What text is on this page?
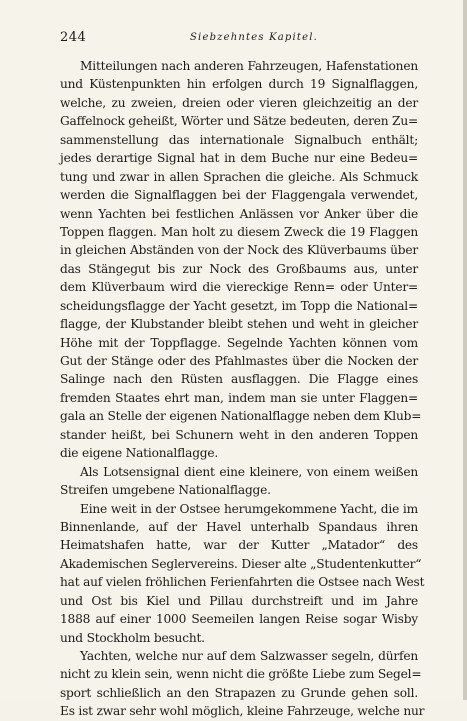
244	Siebzehntes Kapitel.
Mitteilungen nach anderen Fahrzeugen, Hafenstationen
und Küstenpunkten hin erfolgen durch 19 Signalflaggen,
welche, zu zweien, dreien oder vieren gleichzeitig an der
Gaffelnock geheißt, Wörter und Sätze bedeuten, deren Zu=
sammenstellung das internationale Signalbuch enthält;
jedes derartige Signal hat in dem Buche nur eine Bedeu=
tung und zwar in allen Sprachen die gleiche. Als Schmuck
werden die Signalflaggen bei der Flaggengala verwendet,
wenn Yachten bei festlichen Anlässen vor Anker über die
Toppen flaggen. Man holt zu diesem Zweck die 19 Flaggen
in gleichen Abständen von der Nock des Klüverbaums über
das Stängegut bis zur Nock des Großbaums aus, unter
dem Klüverbaum wird die viereckige Renn= oder Unter=
scheidungsflagge der Yacht gesetzt, im Topp die National=
flagge, der Klubstander bleibt stehen und weht in gleicher
Höhe mit der Toppflagge. Segelnde Yachten können vom
Gut der Stänge oder des Pfahlmastes über die Nocken der
Salinge nach den Rüsten ausflaggen. Die Flagge eines
fremden Staates ehrt man, indem man sie unter Flaggen=
gala an Stelle der eigenen Nationalflagge neben dem Klub=
stander heißt, bei Schunern weht in den anderen Toppen
die eigene Nationalflagge.
Als Lotsensignal dient eine kleinere, von einem weißen
Streifen umgebene Nationalflagge.
Eine weit in der Ostsee herumgekommene Yacht, die im
Binnenlande, auf der Havel unterhalb Spandaus ihren
Heimatshafen hatte, war der Kutter „Matador“ des
Akademischen Seglervereins. Dieser alte „Studentenkutter“
hat auf vielen fröhlichen Ferienfahrten die Ostsee nach West
und Ost bis Kiel und Pillau durchstreift und im Jahre
1888 auf einer 1000 Seemeilen langen Reise sogar Wisby
und Stockholm besucht.
Yachten, welche nur auf dem Salzwasser segeln, dürfen
nicht zu klein sein, wenn nicht die größte Liebe zum Segel=
sport schließlich an den Strapazen zu Grunde gehen soll.
Es ist zwar sehr wohl möglich, kleine Fahrzeuge, welche nur
